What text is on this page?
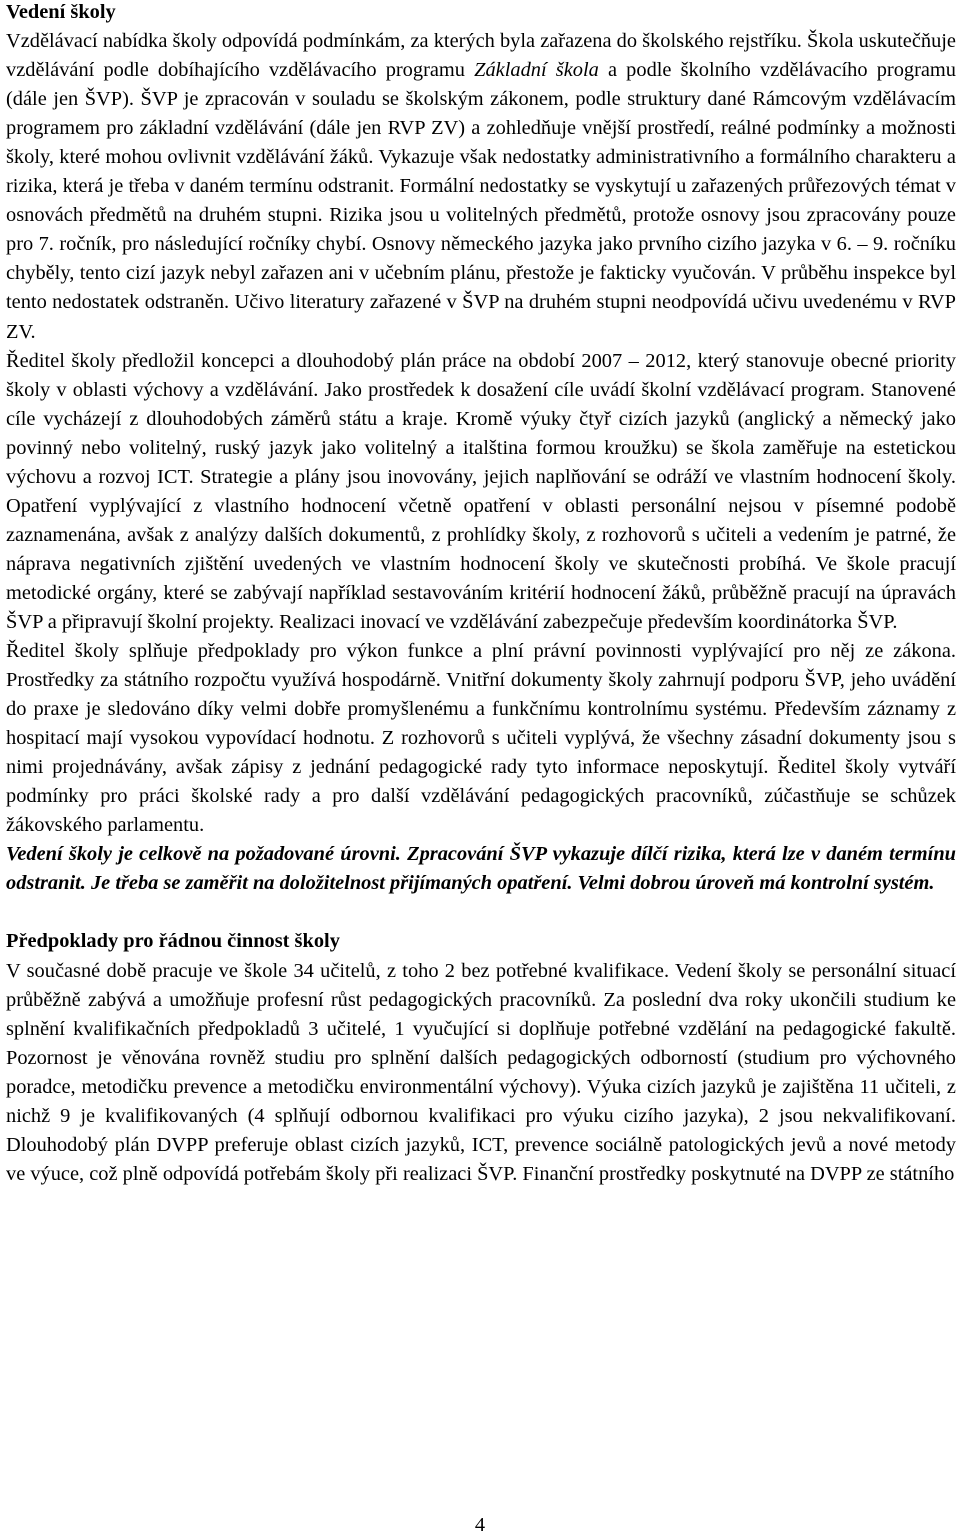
Vedení školy

Vzdělávací nabídka školy odpovídá podmínkám, za kterých byla zařazena do školského rejstříku. Škola uskutečňuje vzdělávání podle dobíhajícího vzdělávacího programu Základní škola a podle školního vzdělávacího programu (dále jen ŠVP). ŠVP je zpracován v souladu se školským zákonem, podle struktury dané Rámcovým vzdělávacím programem pro základní vzdělávání (dále jen RVP ZV) a zohledňuje vnější prostředí, reálné podmínky a možnosti školy, které mohou ovlivnit vzdělávání žáků. Vykazuje však nedostatky administrativního a formálního charakteru a rizika, která je třeba v daném termínu odstranit. Formální nedostatky se vyskytují u zařazených průřezových témat v osnovách předmětů na druhém stupni. Rizika jsou u volitelných předmětů, protože osnovy jsou zpracovány pouze pro 7. ročník, pro následující ročníky chybí. Osnovy německého jazyka jako prvního cizího jazyka v 6. – 9. ročníku chyběly, tento cizí jazyk nebyl zařazen ani v učebním plánu, přestože je fakticky vyučován. V průběhu inspekce byl tento nedostatek odstraněn. Učivo literatury zařazené v ŠVP na druhém stupni neodpovídá učivu uvedenému v RVP ZV.

Ředitel školy předložil koncepci a dlouhodobý plán práce na období 2007 – 2012, který stanovuje obecné priority školy v oblasti výchovy a vzdělávání. Jako prostředek k dosažení cíle uvádí školní vzdělávací program. Stanovené cíle vycházejí z dlouhodobých záměrů státu a kraje. Kromě výuky čtyř cizích jazyků (anglický a německý jako povinný nebo volitelný, ruský jazyk jako volitelný a italština formou kroužku) se škola zaměřuje na estetickou výchovu a rozvoj ICT. Strategie a plány jsou inovovány, jejich naplňování se odráží ve vlastním hodnocení školy. Opatření vyplývající z vlastního hodnocení včetně opatření v oblasti personální nejsou v písemné podobě zaznamenána, avšak z analýzy dalších dokumentů, z prohlídky školy, z rozhovorů s učiteli a vedením je patrné, že náprava negativních zjištění uvedených ve vlastním hodnocení školy ve skutečnosti probíhá. Ve škole pracují metodické orgány, které se zabývají například sestavováním kritérií hodnocení žáků, průběžně pracují na úpravách ŠVP a připravují školní projekty. Realizaci inovací ve vzdělávání zabezpečuje především koordinátorka ŠVP.

Ředitel školy splňuje předpoklady pro výkon funkce a plní právní povinnosti vyplývající pro něj ze zákona. Prostředky za státního rozpočtu využívá hospodárně. Vnitřní dokumenty školy zahrnují podporu ŠVP, jeho uvádění do praxe je sledováno díky velmi dobře promyšlenému a funkčnímu kontrolnímu systému. Především záznamy z hospitací mají vysokou vypovídací hodnotu. Z rozhovorů s učiteli vyplývá, že všechny zásadní dokumenty jsou s nimi projednávány, avšak zápisy z jednání pedagogické rady tyto informace neposkytují. Ředitel školy vytváří podmínky pro práci školské rady a pro další vzdělávání pedagogických pracovníků, zúčastňuje se schůzek žákovského parlamentu.

Vedení školy je celkově na požadované úrovni. Zpracování ŠVP vykazuje dílčí rizika, která lze v daném termínu odstranit. Je třeba se zaměřit na doložitelnost přijímaných opatření. Velmi dobrou úroveň má kontrolní systém.

Předpoklady pro řádnou činnost školy

V současné době pracuje ve škole 34 učitelů, z toho 2 bez potřebné kvalifikace. Vedení školy se personální situací průběžně zabývá a umožňuje profesní růst pedagogických pracovníků. Za poslední dva roky ukončili studium ke splnění kvalifikačních předpokladů 3 učitelé, 1 vyučující si doplňuje potřebné vzdělání na pedagogické fakultě. Pozornost je věnována rovněž studiu pro splnění dalších pedagogických odborností (studium pro výchovného poradce, metodičku prevence a metodičku environmentální výchovy). Výuka cizích jazyků je zajištěna 11 učiteli, z nichž 9 je kvalifikovaných (4 splňují odbornou kvalifikaci pro výuku cizího jazyka), 2 jsou nekvalifikovaní. Dlouhodobý plán DVPP preferuje oblast cizích jazyků, ICT, prevence sociálně patologických jevů a nové metody ve výuce, což plně odpovídá potřebám školy při realizaci ŠVP. Finanční prostředky poskytnuté na DVPP ze státního

4
